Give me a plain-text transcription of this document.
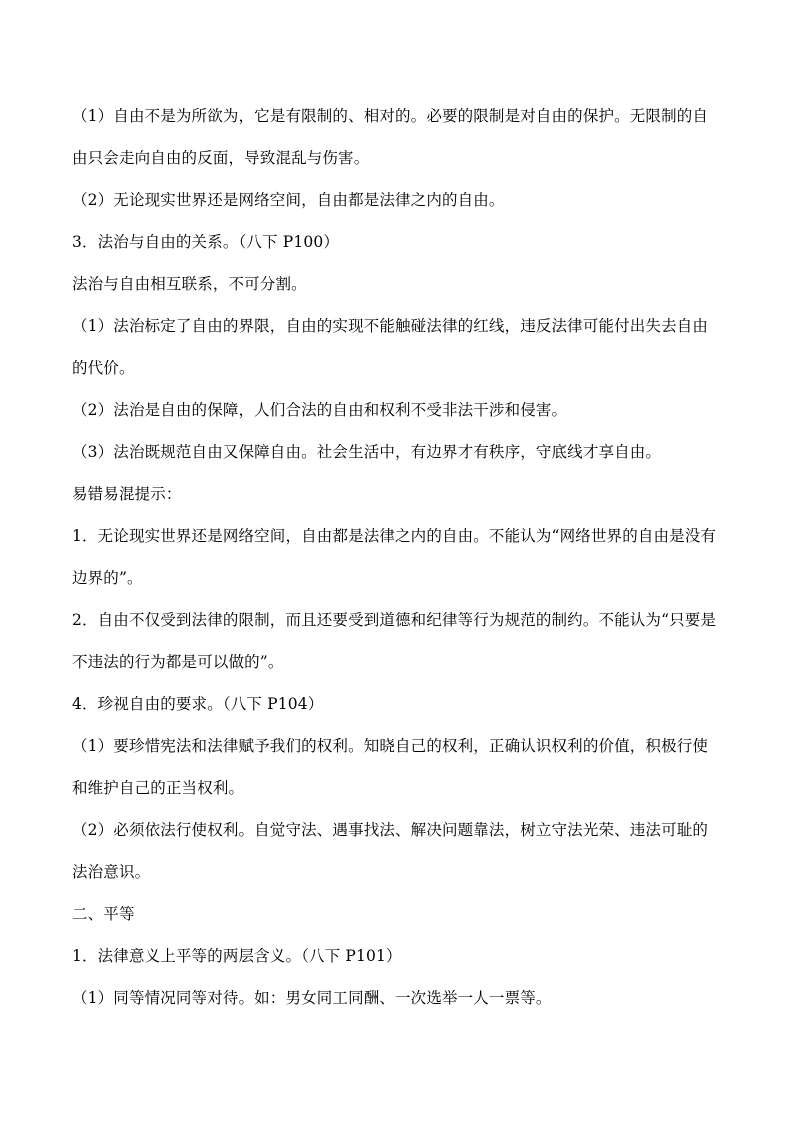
（1）自由不是为所欲为，它是有限制的、相对的。必要的限制是对自由的保护。无限制的自
由只会走向自由的反面，导致混乱与伤害。
（2）无论现实世界还是网络空间，自由都是法律之内的自由。
3．法治与自由的关系。（八下 P100）
法治与自由相互联系，不可分割。
（1）法治标定了自由的界限，自由的实现不能触碰法律的红线，违反法律可能付出失去自由
的代价。
（2）法治是自由的保障，人们合法的自由和权利不受非法干涉和侵害。
（3）法治既规范自由又保障自由。社会生活中，有边界才有秩序，守底线才享自由。
易错易混提示：
1．无论现实世界还是网络空间，自由都是法律之内的自由。不能认为“网络世界的自由是没有
边界的”。
2．自由不仅受到法律的限制，而且还要受到道德和纪律等行为规范的制约。不能认为“只要是
不违法的行为都是可以做的”。
4．珍视自由的要求。（八下 P104）
（1）要珍惜宪法和法律赋予我们的权利。知晓自己的权利，正确认识权利的价值，积极行使
和维护自己的正当权利。
（2）必须依法行使权利。自觉守法、遇事找法、解决问题靠法，树立守法光荣、违法可耻的
法治意识。
二、平等
1．法律意义上平等的两层含义。（八下 P101）
（1）同等情况同等对待。如：男女同工同酬、一次选举一人一票等。
